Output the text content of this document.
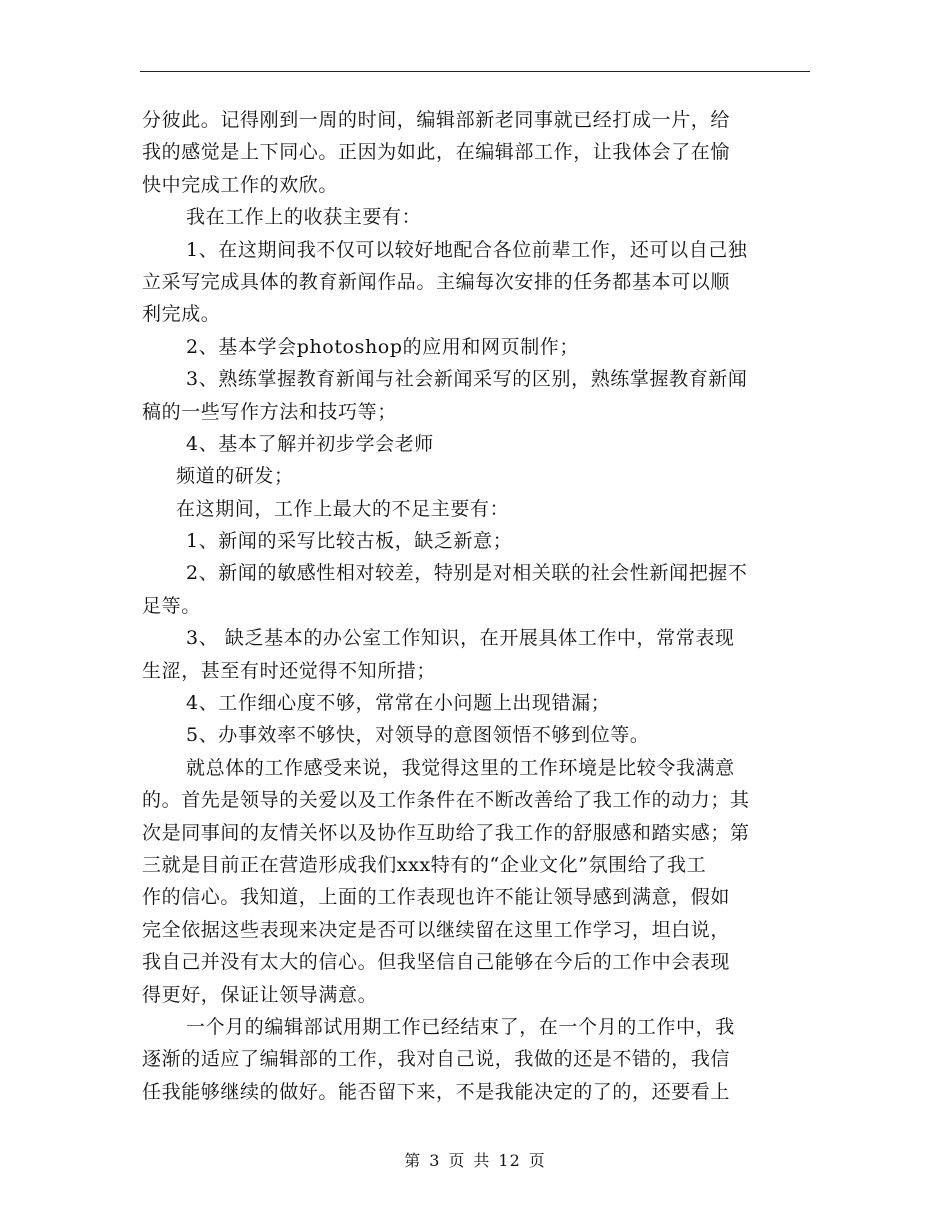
分彼此。记得刚到一周的时间，编辑部新老同事就已经打成一片，给
我的感觉是上下同心。正因为如此，在编辑部工作，让我体会了在愉
快中完成工作的欢欣。
我在工作上的收获主要有：
1、在这期间我不仅可以较好地配合各位前辈工作，还可以自己独
立采写完成具体的教育新闻作品。主编每次安排的任务都基本可以顺
利完成。
2、基本学会photoshop的应用和网页制作；
3、熟练掌握教育新闻与社会新闻采写的区别，熟练掌握教育新闻
稿的一些写作方法和技巧等；
4、基本了解并初步学会老师
频道的研发；
在这期间，工作上最大的不足主要有：
1、新闻的采写比较古板，缺乏新意；
2、新闻的敏感性相对较差，特别是对相关联的社会性新闻把握不
足等。
3、 缺乏基本的办公室工作知识，在开展具体工作中，常常表现
生涩，甚至有时还觉得不知所措；
4、工作细心度不够，常常在小问题上出现错漏；
5、办事效率不够快，对领导的意图领悟不够到位等。
就总体的工作感受来说，我觉得这里的工作环境是比较令我满意
的。首先是领导的关爱以及工作条件在不断改善给了我工作的动力；其
次是同事间的友情关怀以及协作互助给了我工作的舒服感和踏实感；第
三就是目前正在营造形成我们xxx特有的“企业文化”氛围给了我工
作的信心。我知道，上面的工作表现也许不能让领导感到满意，假如
完全依据这些表现来决定是否可以继续留在这里工作学习，坦白说，
我自己并没有太大的信心。但我坚信自己能够在今后的工作中会表现
得更好，保证让领导满意。
一个月的编辑部试用期工作已经结束了，在一个月的工作中，我
逐渐的适应了编辑部的工作，我对自己说，我做的还是不错的，我信
任我能够继续的做好。能否留下来，不是我能决定的了的，还要看上
第 3 页 共 12 页
